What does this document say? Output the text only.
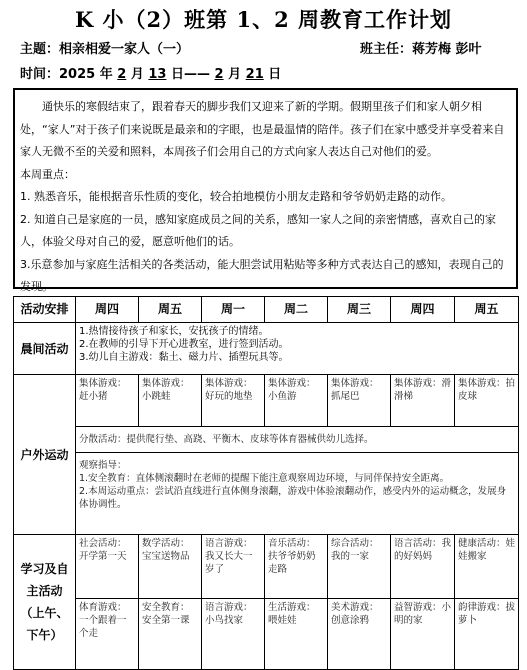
K 小（2）班第 1、2 周教育工作计划
主题：相亲相爱一家人（一）	班主任：蒋芳梅 彭叶
时间：2025 年 2 月 13 日—— 2 月 21 日

通快乐的寒假结束了，跟着春天的脚步我们又迎来了新的学期。假期里孩子们和家人朝夕相处，“家人”对于孩子们来说既是最亲和的字眼，也是最温情的陪伴。孩子们在家中感受并享受着来自家人无微不至的关爱和照料，本周孩子们会用自己的方式向家人表达自己对他们的爱。

本周重点：

1. 熟悉音乐，能根据音乐性质的变化，较合拍地模仿小朋友走路和爷爷奶奶走路的动作。

2. 知道自己是家庭的一员，感知家庭成员之间的关系，感知一家人之间的亲密情感，喜欢自己的家人，体验父母对自己的爱，愿意听他们的话。

3.乐意参加与家庭生活相关的各类活动，能大胆尝试用粘贴等多种方式表达自己的感知，表现自己的发现。

活动安排	周四	周五	周一	周二	周三	周四	周五
晨间活动	1.热情接待孩子和家长，安抚孩子的情绪。
2.在教师的引导下开心进教室，进行签到活动。
3.幼儿自主游戏：黏土、磁力片、插塑玩具等。						

户外运动	集体游戏：赶小猪	集体游戏：小跳蛙	集体游戏：好玩的地垫	集体游戏：小鱼游	集体游戏：抓尾巴	集体游戏：滑滑梯	集体游戏：拍皮球
	分散活动：提供爬行垫、高跷、平衡木、皮球等体育器械供幼儿选择。						

	观察指导：
1.安全教育：直体侧滚翻时在老师的提醒下能注意观察周边环境，与同伴保持安全距离。
2.本周运动重点：尝试沿直线进行直体侧身滚翻，游戏中体验滚翻动作，感受内外的运动概念，发展身体协调性。						

学习及自
主活动
（上午、
下午）	社会活动：开学第一天	数学活动：宝宝送物品	语言游戏：我又长大一岁了	音乐活动：扶爷爷奶奶走路	综合活动：我的一家	语言活动：我的好妈妈	健康活动：娃娃搬家
	体育游戏：一个跟着一个走	安全教育：安全第一课	语言游戏：小鸟找家	生活游戏：喂娃娃	美术游戏：创意涂鸦	益智游戏：小明的家	韵律游戏：拔萝卜
